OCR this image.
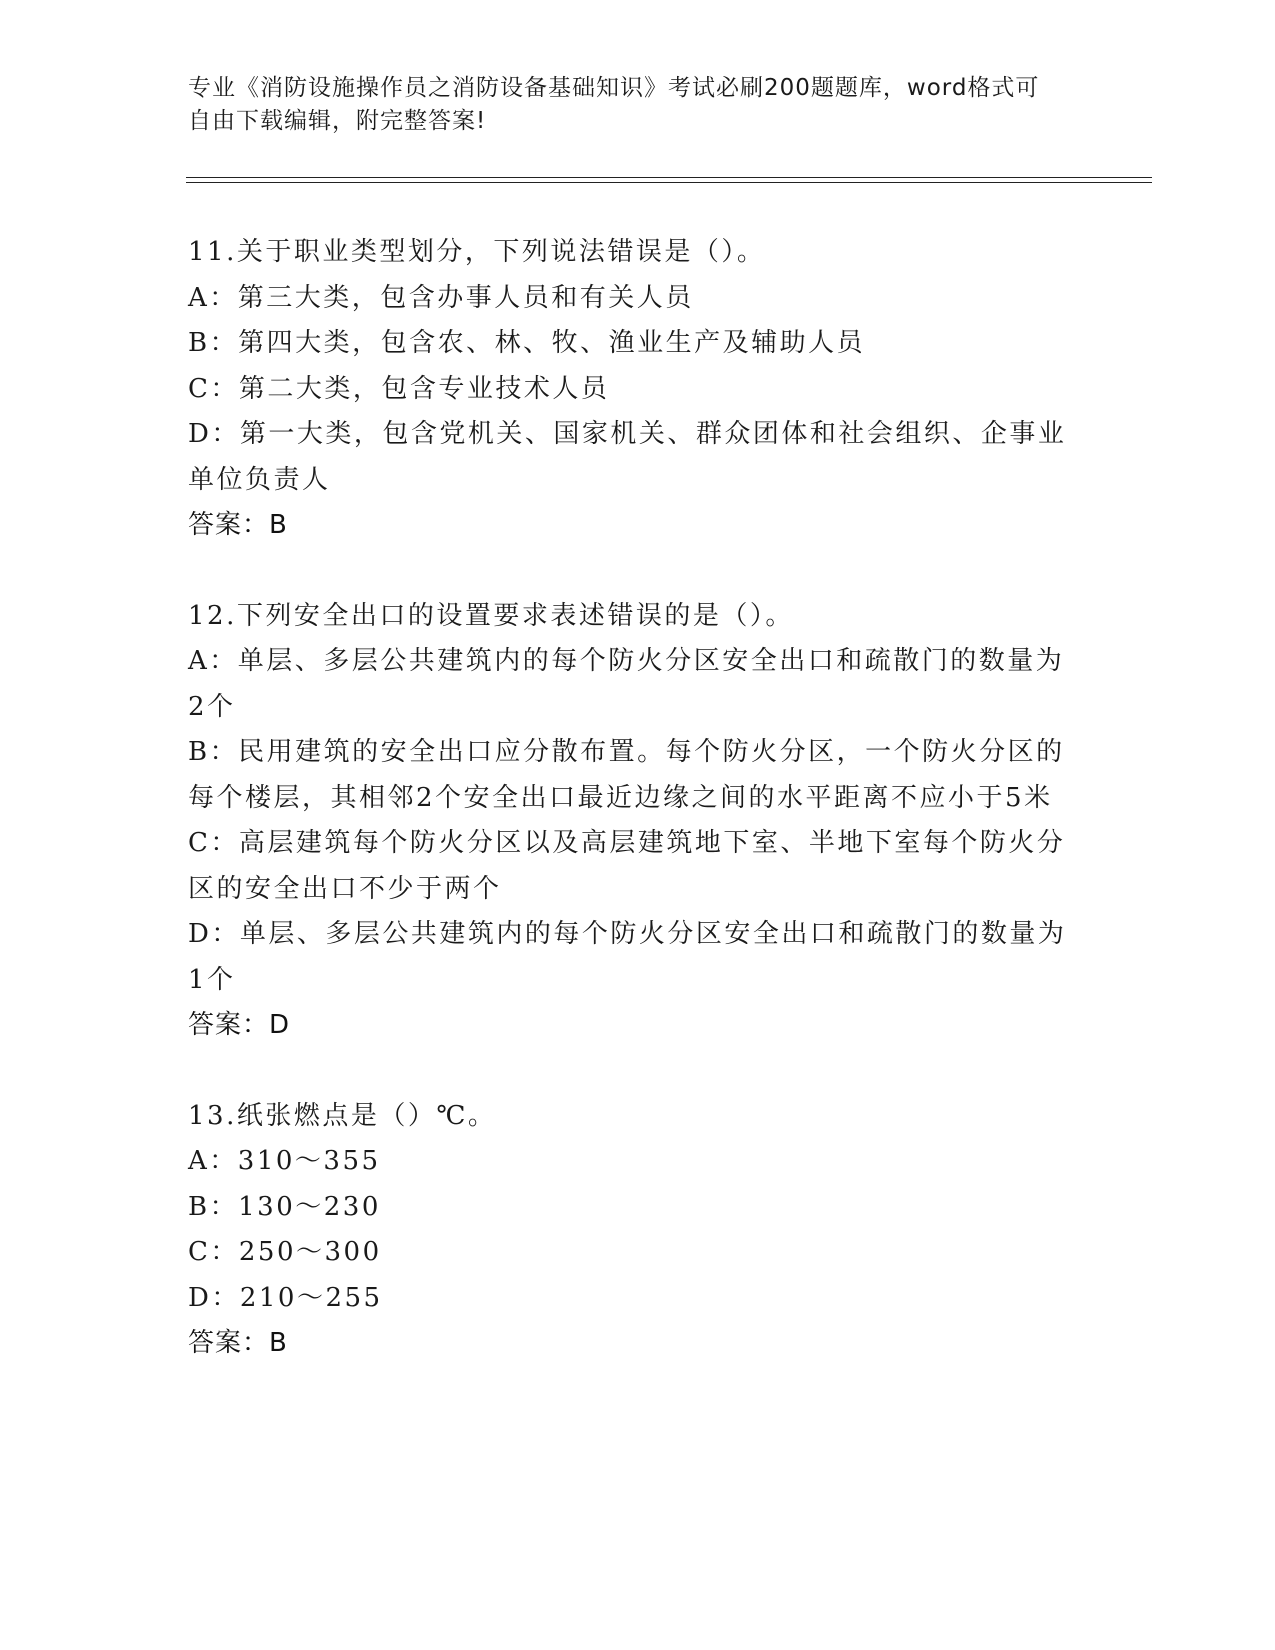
专业《消防设施操作员之消防设备基础知识》考试必刷200题题库，word格式可
自由下载编辑，附完整答案!

11.关于职业类型划分，下列说法错误是（）。

A：第三大类，包含办事人员和有关人员

B：第四大类，包含农、林、牧、渔业生产及辅助人员

C：第二大类，包含专业技术人员

D：第一大类，包含党机关、国家机关、群众团体和社会组织、企事业单位负责人

答案：B

12.下列安全出口的设置要求表述错误的是（）。

A：单层、多层公共建筑内的每个防火分区安全出口和疏散门的数量为2个

B：民用建筑的安全出口应分散布置。每个防火分区，一个防火分区的每个楼层，其相邻2个安全出口最近边缘之间的水平距离不应小于5米

C：高层建筑每个防火分区以及高层建筑地下室、半地下室每个防火分区的安全出口不少于两个

D：单层、多层公共建筑内的每个防火分区安全出口和疏散门的数量为1个

答案：D

13.纸张燃点是（）℃。

A：310～355

B：130～230

C：250～300

D：210～255

答案：B
